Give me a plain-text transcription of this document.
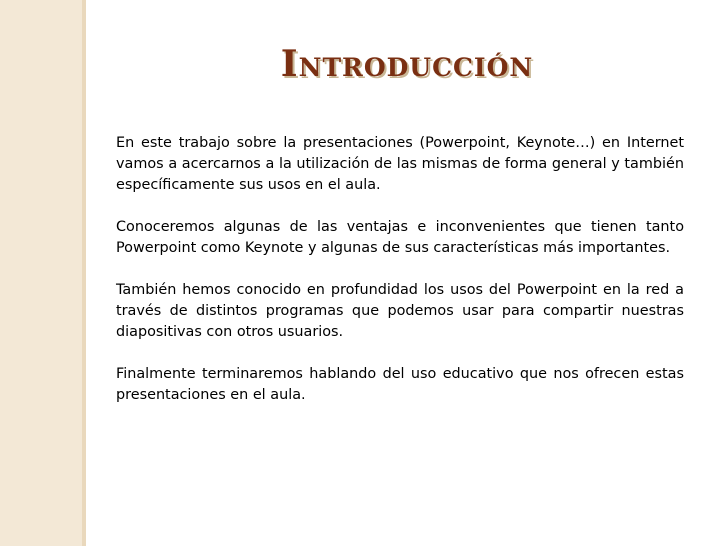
Introducción

En este trabajo sobre la presentaciones (Powerpoint, Keynote…) en Internet vamos a acercarnos a la utilización de las mismas de forma general y también específicamente sus usos en el aula.

Conoceremos algunas de las ventajas e inconvenientes que tienen tanto Powerpoint como Keynote y algunas de sus características más importantes.

También hemos conocido en profundidad los usos del Powerpoint en la red a través de distintos programas que podemos usar para compartir nuestras diapositivas con otros usuarios.

Finalmente terminaremos hablando del uso educativo que nos ofrecen estas presentaciones en el aula.
